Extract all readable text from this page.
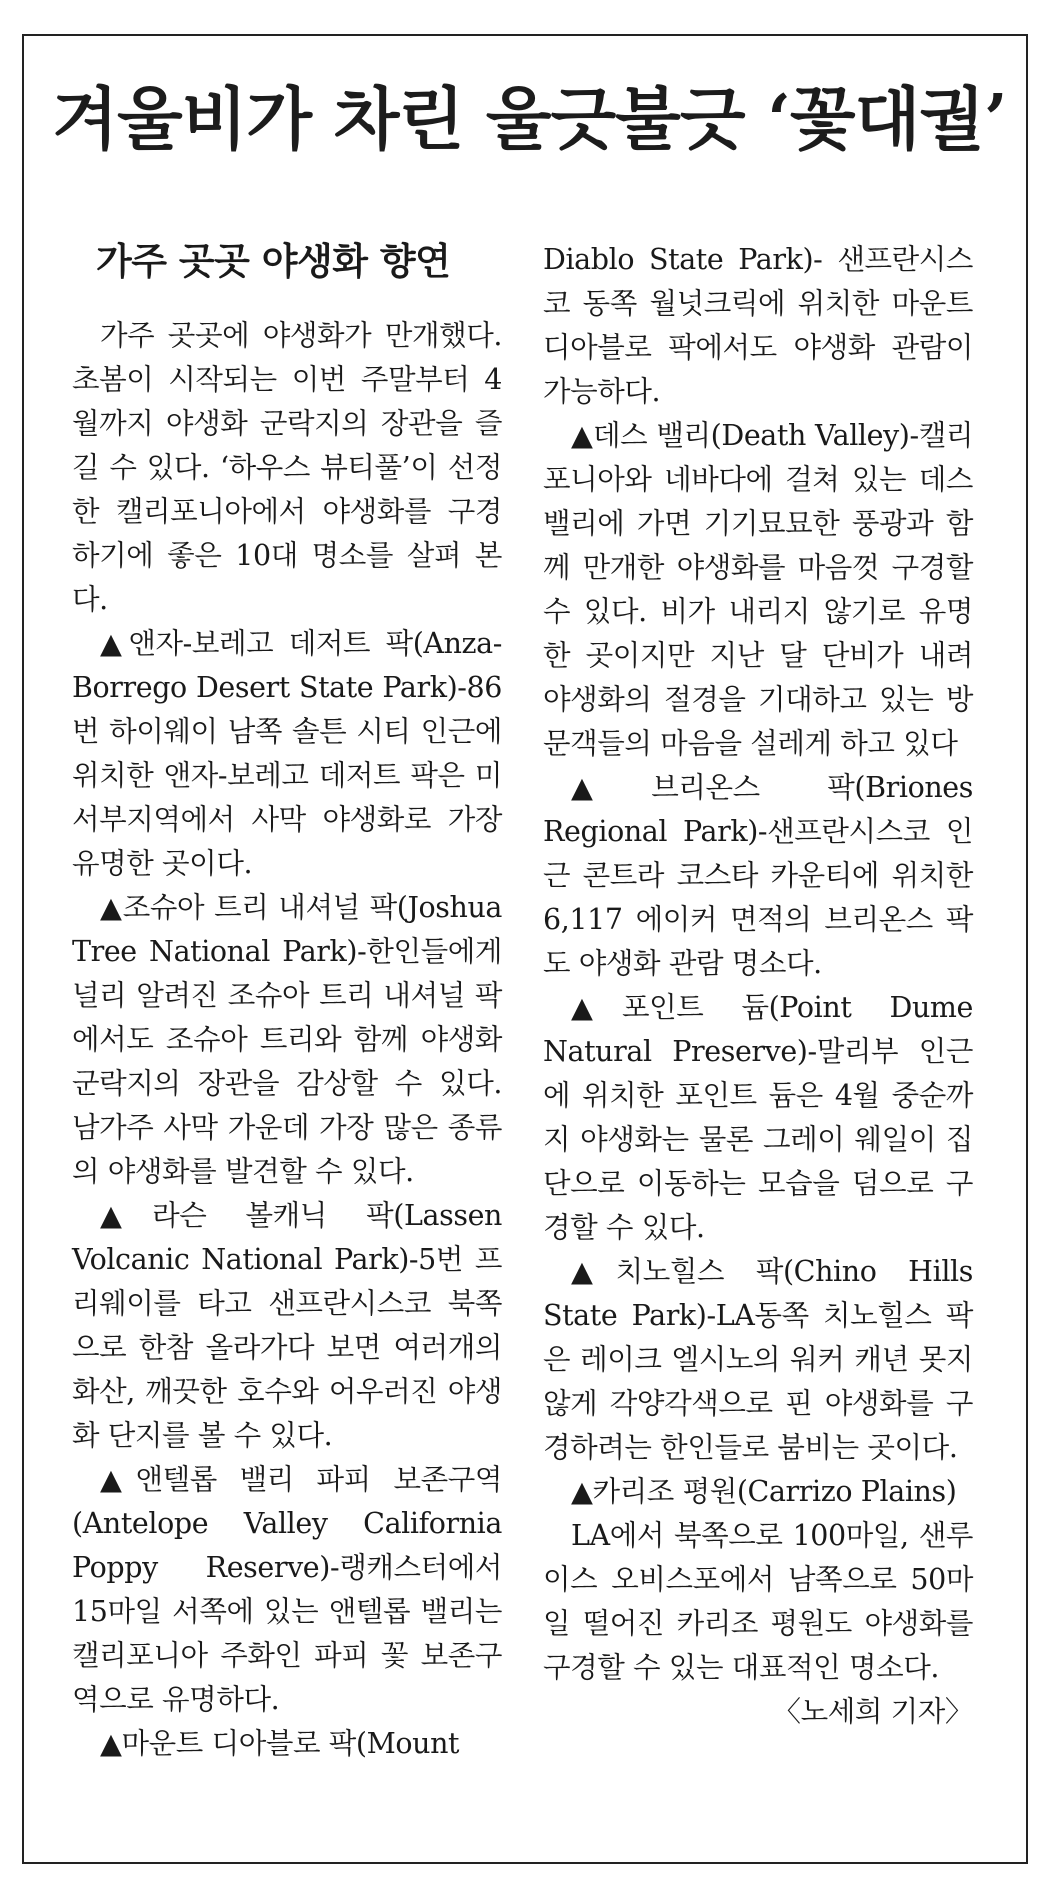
겨울비가 차린 울긋불긋 ‘꽃대궐’
가주 곳곳 야생화 향연

가주 곳곳에 야생화가 만개했다. 초봄이 시작되는 이번 주말부터 4월까지 야생화 군락지의 장관을 즐길 수 있다. ‘하우스 뷰티풀’이 선정한 캘리포니아에서 야생화를 구경하기에 좋은 10대 명소를 살펴 본다.

▲앤자-보레고 데저트 팍(Anza-Borrego Desert State Park)-86번 하이웨이 남쪽 솔튼 시티 인근에 위치한 앤자-보레고 데저트 팍은 미 서부지역에서 사막 야생화로 가장 유명한 곳이다.

▲조슈아 트리 내셔널 팍(Joshua Tree National Park)-한인들에게 널리 알려진 조슈아 트리 내셔널 팍에서도 조슈아 트리와 함께 야생화 군락지의 장관을 감상할 수 있다. 남가주 사막 가운데 가장 많은 종류의 야생화를 발견할 수 있다.

▲라슨 볼캐닉 팍(Lassen Volcanic National Park)-5번 프리웨이를 타고 샌프란시스코 북쪽으로 한참 올라가다 보면 여러개의 화산, 깨끗한 호수와 어우러진 야생화 단지를 볼 수 있다.

▲앤텔롭 밸리 파피 보존구역(Antelope Valley California Poppy Reserve)-랭캐스터에서 15마일 서쪽에 있는 앤텔롭 밸리는 캘리포니아 주화인 파피 꽃 보존구역으로 유명하다.

▲마운트 디아블로 팍(Mount

Diablo State Park)- 샌프란시스코 동쪽 월넛크릭에 위치한 마운트 디아블로 팍에서도 야생화 관람이 가능하다.

▲데스 밸리(Death Valley)-캘리포니아와 네바다에 걸쳐 있는 데스 밸리에 가면 기기묘묘한 풍광과 함께 만개한 야생화를 마음껏 구경할 수 있다. 비가 내리지 않기로 유명한 곳이지만 지난 달 단비가 내려 야생화의 절경을 기대하고 있는 방문객들의 마음을 설레게 하고 있다

▲브리온스 팍(Briones Regional Park)-샌프란시스코 인근 콘트라 코스타 카운티에 위치한 6,117 에이커 면적의 브리온스 팍도 야생화 관람 명소다.

▲포인트 듐(Point Dume Natural Preserve)-말리부 인근에 위치한 포인트 듐은 4월 중순까지 야생화는 물론 그레이 웨일이 집단으로 이동하는 모습을 덤으로 구경할 수 있다.

▲치노힐스 팍(Chino Hills State Park)-LA동쪽 치노힐스 팍은 레이크 엘시노의 워커 캐년 못지 않게 각양각색으로 핀 야생화를 구경하려는 한인들로 붐비는 곳이다.

▲카리조 평원(Carrizo Plains)

LA에서 북쪽으로 100마일, 샌루이스 오비스포에서 남쪽으로 50마일 떨어진 카리조 평원도 야생화를 구경할 수 있는 대표적인 명소다.
〈노세희 기자〉
